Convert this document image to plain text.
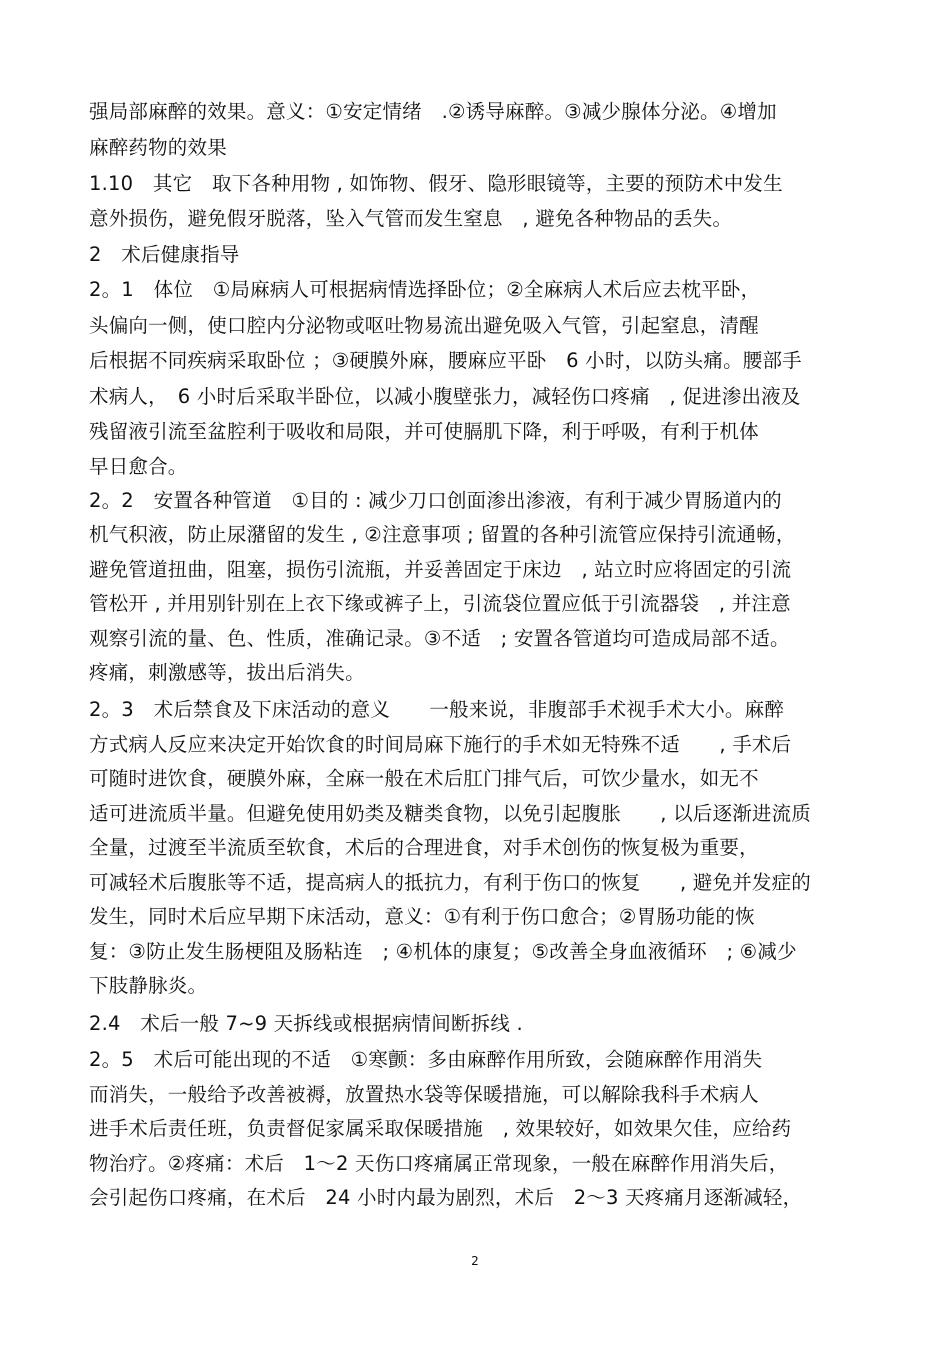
强局部麻醉的效果。意义：①安定情绪　.②诱导麻醉。③减少腺体分泌。④增加
麻醉药物的效果
1.10　其它　取下各种用物 , 如饰物、假牙、隐形眼镜等，主要的预防术中发生
意外损伤，避免假牙脱落，坠入气管而发生窒息　, 避免各种物品的丢失。
2　术后健康指导
2。1　体位　①局麻病人可根据病情选择卧位；②全麻病人术后应去枕平卧，
头偏向一侧，使口腔内分泌物或呕吐物易流出避免吸入气管，引起窒息，清醒
后根据不同疾病采取卧位 ；③硬膜外麻，腰麻应平卧　6 小时，以防头痛。腰部手
术病人，　6 小时后采取半卧位，以减小腹壁张力，减轻伤口疼痛　, 促进渗出液及
残留液引流至盆腔利于吸收和局限，并可使膈肌下降，利于呼吸，有利于机体
早日愈合。
2。2　安置各种管道　①目的 : 减少刀口创面渗出渗液，有利于减少胃肠道内的
机气积液，防止尿潴留的发生 , ②注意事项 ; 留置的各种引流管应保持引流通畅，
避免管道扭曲，阻塞，损伤引流瓶，并妥善固定于床边　, 站立时应将固定的引流
管松开 , 并用别针别在上衣下缘或裤子上，引流袋位置应低于引流器袋　, 并注意
观察引流的量、色、性质，准确记录。③不适　; 安置各管道均可造成局部不适。
疼痛，刺激感等，拔出后消失。
2。3　术后禁食及下床活动的意义　　一般来说，非腹部手术视手术大小。麻醉
方式病人反应来决定开始饮食的时间局麻下施行的手术如无特殊不适　　, 手术后
可随时进饮食，硬膜外麻，全麻一般在术后肛门排气后，可饮少量水，如无不
适可进流质半量。但避免使用奶类及糖类食物，以免引起腹胀　　, 以后逐渐进流质
全量，过渡至半流质至软食，术后的合理进食，对手术创伤的恢复极为重要，
可减轻术后腹胀等不适，提高病人的抵抗力，有利于伤口的恢复　　, 避免并发症的
发生，同时术后应早期下床活动，意义：①有利于伤口愈合；②胃肠功能的恢
复：③防止发生肠梗阻及肠粘连　; ④机体的康复；⑤改善全身血液循环　; ⑥减少
下肢静脉炎。
2.4　术后一般 7~9 天拆线或根据病情间断拆线 .
2。5　术后可能出现的不适　①寒颤：多由麻醉作用所致，会随麻醉作用消失
而消失，一般给予改善被褥，放置热水袋等保暖措施，可以解除我科手术病人
进手术后责任班，负责督促家属采取保暖措施　, 效果较好，如效果欠佳，应给药
物治疗。②疼痛：术后　1～2 天伤口疼痛属正常现象，一般在麻醉作用消失后，
会引起伤口疼痛，在术后　24 小时内最为剧烈，术后　2～3 天疼痛月逐渐减轻，
2
